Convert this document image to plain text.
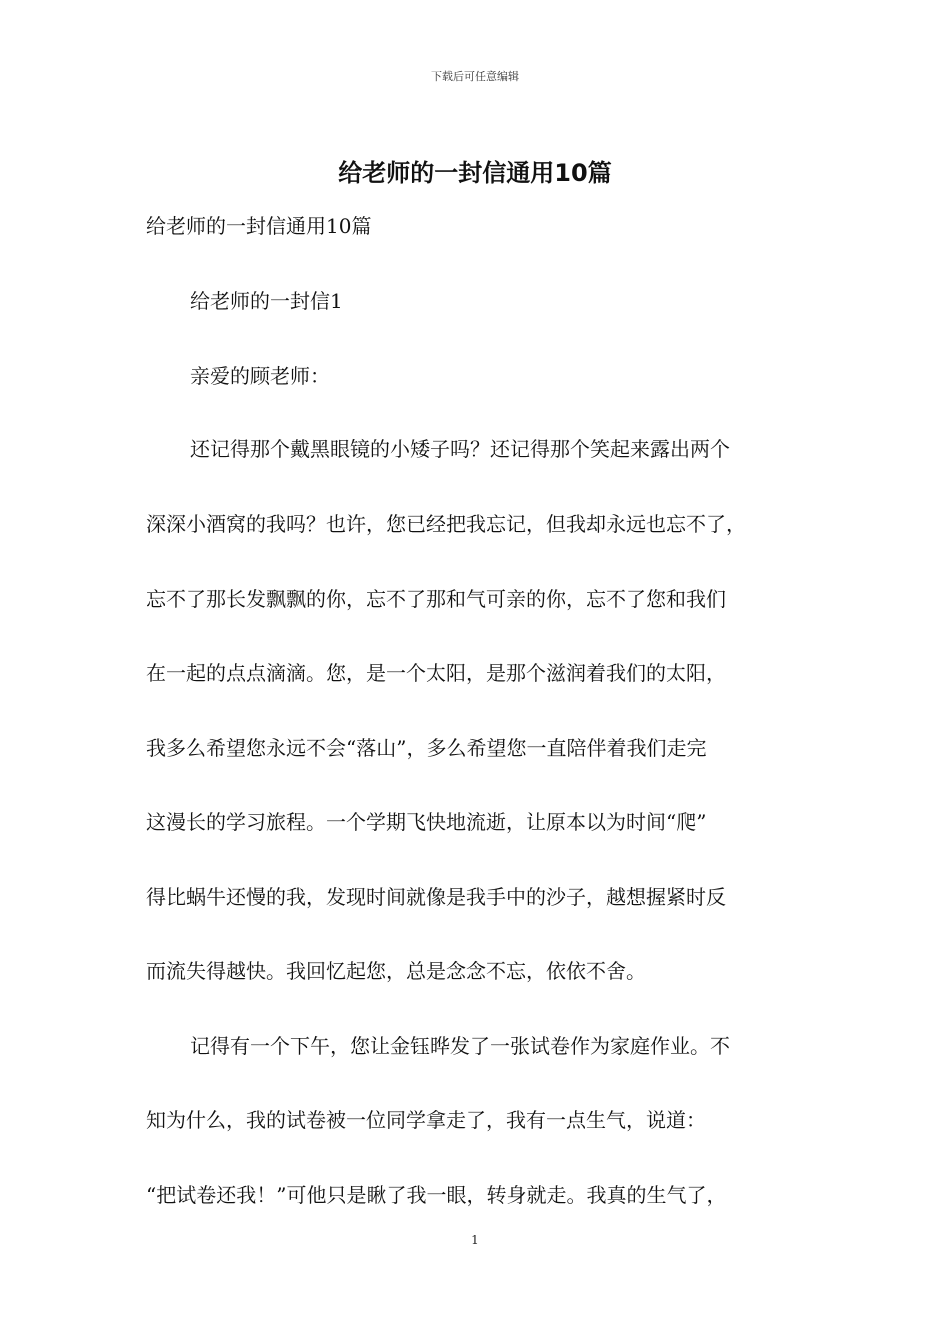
下载后可任意编辑
给老师的一封信通用10篇
给老师的一封信通用10篇
给老师的一封信1
亲爱的顾老师：
还记得那个戴黑眼镜的小矮子吗？还记得那个笑起来露出两个
深深小酒窝的我吗？也许，您已经把我忘记，但我却永远也忘不了，
忘不了那长发飘飘的你，忘不了那和气可亲的你，忘不了您和我们
在一起的点点滴滴。您，是一个太阳，是那个滋润着我们的太阳，
我多么希望您永远不会“落山”，多么希望您一直陪伴着我们走完
这漫长的学习旅程。一个学期飞快地流逝，让原本以为时间“爬”
得比蜗牛还慢的我，发现时间就像是我手中的沙子，越想握紧时反
而流失得越快。我回忆起您，总是念念不忘，依依不舍。
记得有一个下午，您让金钰晔发了一张试卷作为家庭作业。不
知为什么，我的试卷被一位同学拿走了，我有一点生气，说道：
“把试卷还我！”可他只是瞅了我一眼，转身就走。我真的生气了，
1
